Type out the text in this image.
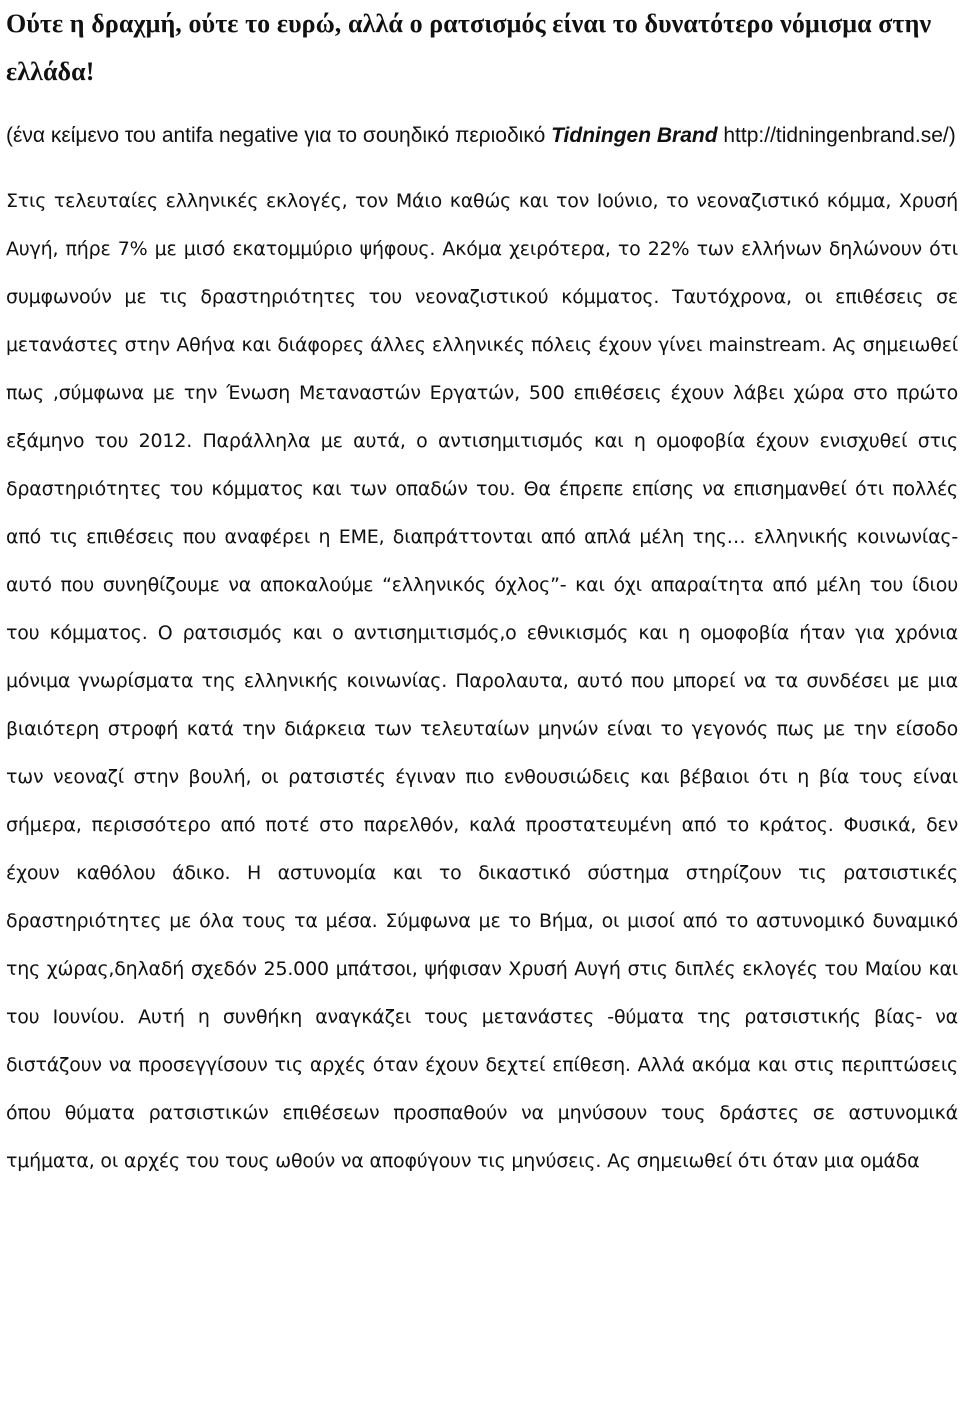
Ούτε η δραχμή, ούτε το ευρώ, αλλά ο ρατσισμός είναι το δυνατότερο νόμισμα στην ελλάδα!

(ένα κείμενο του antifa negative για το σουηδικό περιοδικό Tidningen Brand http://tidningenbrand.se/)

Στις τελευταίες ελληνικές εκλογές, τον Μάιο καθώς και τον Ιούνιο, το νεοναζιστικό κόμμα, Χρυσή Αυγή, πήρε 7% με μισό εκατομμύριο ψήφους. Ακόμα χειρότερα, το 22% των ελλήνων δηλώνουν ότι συμφωνούν με τις δραστηριότητες του νεοναζιστικού κόμματος. Ταυτόχρονα, οι επιθέσεις σε μετανάστες στην Αθήνα και διάφορες άλλες ελληνικές πόλεις έχουν γίνει mainstream. Ας σημειωθεί πως ,σύμφωνα με την Ένωση Μεταναστών Εργατών, 500 επιθέσεις έχουν λάβει χώρα στο πρώτο εξάμηνο του 2012. Παράλληλα με αυτά, ο αντισημιτισμός και η ομοφοβία έχουν ενισχυθεί στις δραστηριότητες του κόμματος και των οπαδών του. Θα έπρεπε επίσης να επισημανθεί ότι πολλές από τις επιθέσεις που αναφέρει η ΕΜΕ, διαπράττονται από απλά μέλη της… ελληνικής κοινωνίας- αυτό που συνηθίζουμε να αποκαλούμε “ελληνικός όχλος”- και όχι απαραίτητα από μέλη του ίδιου του κόμματος. Ο ρατσισμός και ο αντισημιτισμός,ο εθνικισμός και η ομοφοβία ήταν για χρόνια μόνιμα γνωρίσματα της ελληνικής κοινωνίας. Παρολαυτα, αυτό που μπορεί να τα συνδέσει με μια βιαιότερη στροφή κατά την διάρκεια των τελευταίων μηνών είναι το γεγονός πως με την είσοδο των νεοναζί στην βουλή, οι ρατσιστές έγιναν πιο ενθουσιώδεις και βέβαιοι ότι η βία τους είναι σήμερα, περισσότερο από ποτέ στο παρελθόν, καλά προστατευμένη από το κράτος. Φυσικά, δεν έχουν καθόλου άδικο. Η αστυνομία και το δικαστικό σύστημα στηρίζουν τις ρατσιστικές δραστηριότητες με όλα τους τα μέσα. Σύμφωνα με το Βήμα, οι μισοί από το αστυνομικό δυναμικό της χώρας,δηλαδή σχεδόν 25.000 μπάτσοι, ψήφισαν Χρυσή Αυγή στις διπλές εκλογές του Μαίου και του Ιουνίου. Αυτή η συνθήκη αναγκάζει τους μετανάστες -θύματα της ρατσιστικής βίας- να διστάζουν να προσεγγίσουν τις αρχές όταν έχουν δεχτεί επίθεση. Αλλά ακόμα και στις περιπτώσεις όπου θύματα ρατσιστικών επιθέσεων προσπαθούν να μηνύσουν τους δράστες σε αστυνομικά τμήματα, οι αρχές του τους ωθούν να αποφύγουν τις μηνύσεις. Ας σημειωθεί ότι όταν μια ομάδα
